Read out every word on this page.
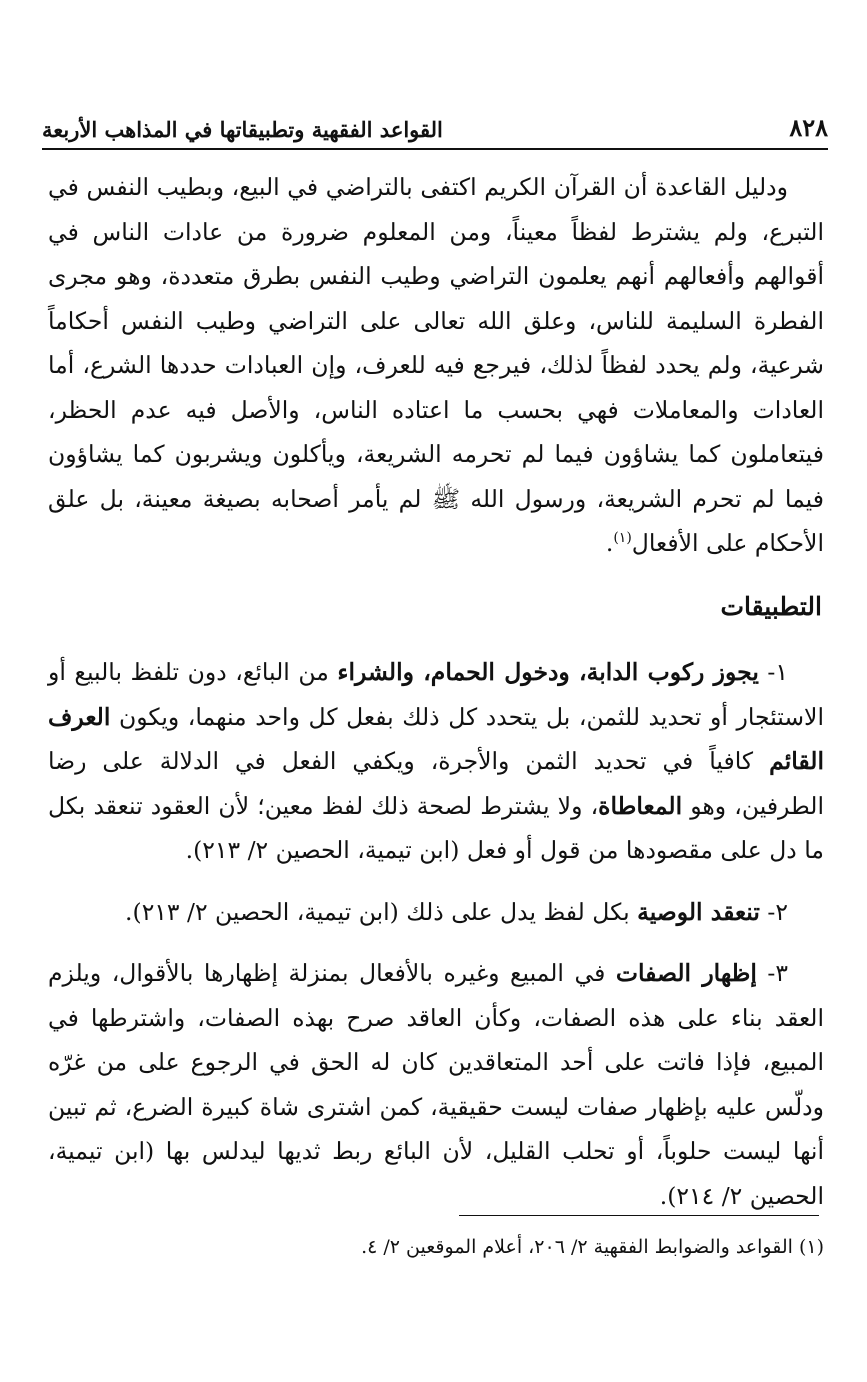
٨٢٨
القواعد الفقهية وتطبيقاتها في المذاهب الأربعة

ودليل القاعدة أن القرآن الكريم اكتفى بالتراضي في البيع، وبطيب النفس في التبرع، ولم يشترط لفظاً معيناً، ومن المعلوم ضرورة من عادات الناس في أقوالهم وأفعالهم أنهم يعلمون التراضي وطيب النفس بطرق متعددة، وهو مجرى الفطرة السليمة للناس، وعلق الله تعالى على التراضي وطيب النفس أحكاماً شرعية، ولم يحدد لفظاً لذلك، فيرجع فيه للعرف، وإن العبادات حددها الشرع، أما العادات والمعاملات فهي بحسب ما اعتاده الناس، والأصل فيه عدم الحظر، فيتعاملون كما يشاؤون فيما لم تحرمه الشريعة، ويأكلون ويشربون كما يشاؤون فيما لم تحرم الشريعة، ورسول الله ﷺ لم يأمر أصحابه بصيغة معينة، بل علق الأحكام على الأفعال$^{(١)}$.

التطبيقات

١- يجوز ركوب الدابة، ودخول الحمام، والشراء من البائع، دون تلفظ بالبيع أو الاستئجار أو تحديد للثمن، بل يتحدد كل ذلك بفعل كل واحد منهما، ويكون العرف القائم كافياً في تحديد الثمن والأجرة، ويكفي الفعل في الدلالة على رضا الطرفين، وهو المعاطاة، ولا يشترط لصحة ذلك لفظ معين؛ لأن العقود تنعقد بكل ما دل على مقصودها من قول أو فعل (ابن تيمية، الحصين ٢/ ٢١٣).

٢- تنعقد الوصية بكل لفظ يدل على ذلك (ابن تيمية، الحصين ٢/ ٢١٣).

٣- إظهار الصفات في المبيع وغيره بالأفعال بمنزلة إظهارها بالأقوال، ويلزم العقد بناء على هذه الصفات، وكأن العاقد صرح بهذه الصفات، واشترطها في المبيع، فإذا فاتت على أحد المتعاقدين كان له الحق في الرجوع على من غرّه ودلّس عليه بإظهار صفات ليست حقيقية، كمن اشترى شاة كبيرة الضرع، ثم تبين أنها ليست حلوباً، أو تحلب القليل، لأن البائع ربط ثديها ليدلس بها (ابن تيمية، الحصين ٢/ ٢١٤).

(١) القواعد والضوابط الفقهية ٢/ ٢٠٦، أعلام الموقعين ٢/ ٤.
